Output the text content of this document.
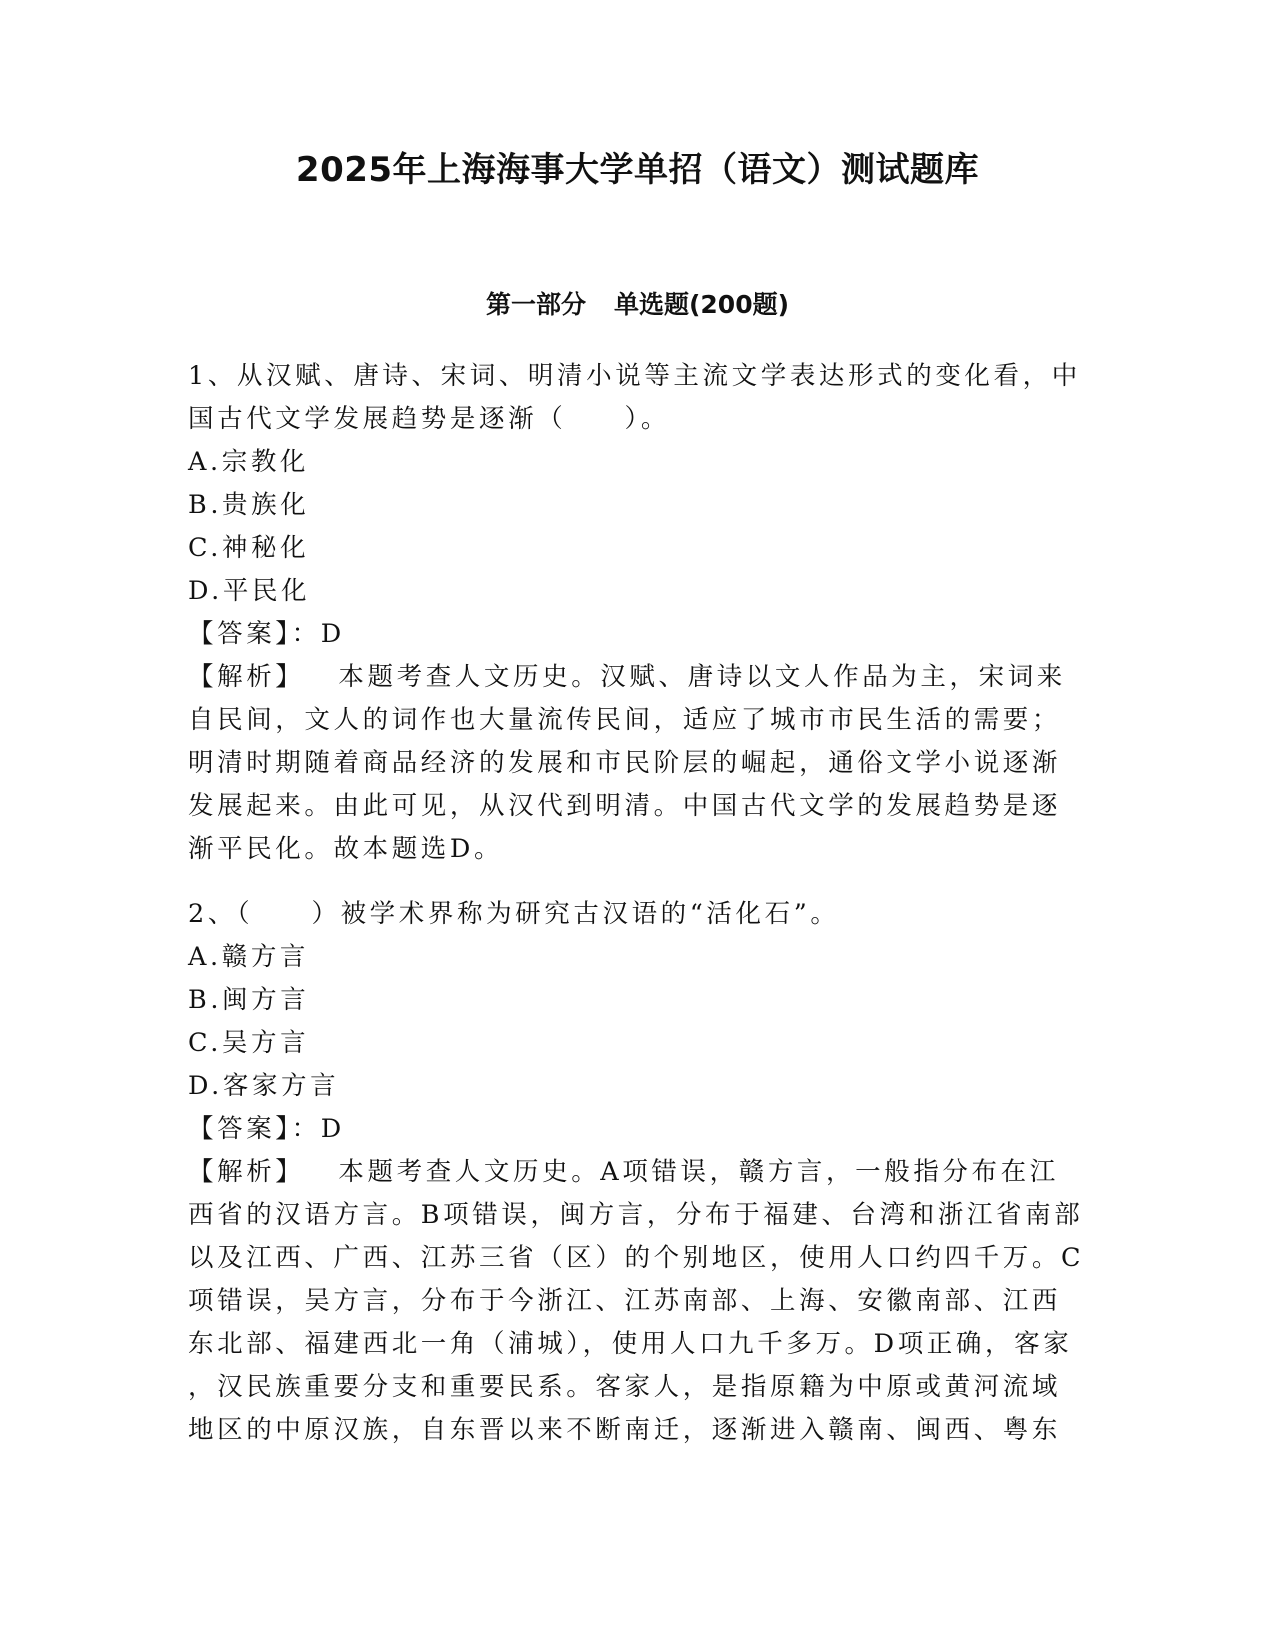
2025年上海海事大学单招（语文）测试题库
第一部分 单选题(200题)
1、从汉赋、唐诗、宋词、明清小说等主流文学表达形式的变化看，中
国古代文学发展趋势是逐渐（　　）。
A.宗教化
B.贵族化
C.神秘化
D.平民化
【答案】：D
【解析】 本题考查人文历史。汉赋、唐诗以文人作品为主，宋词来
自民间，文人的词作也大量流传民间，适应了城市市民生活的需要；
明清时期随着商品经济的发展和市民阶层的崛起，通俗文学小说逐渐
发展起来。由此可见，从汉代到明清。中国古代文学的发展趋势是逐
渐平民化。故本题选D。
2、（　　）被学术界称为研究古汉语的“活化石”。
A.赣方言
B.闽方言
C.吴方言
D.客家方言
【答案】：D
【解析】 本题考查人文历史。A项错误，赣方言，一般指分布在江
西省的汉语方言。B项错误，闽方言，分布于福建、台湾和浙江省南部
以及江西、广西、江苏三省（区）的个别地区，使用人口约四千万。C
项错误，吴方言，分布于今浙江、江苏南部、上海、安徽南部、江西
东北部、福建西北一角（浦城），使用人口九千多万。D项正确，客家
，汉民族重要分支和重要民系。客家人，是指原籍为中原或黄河流域
地区的中原汉族，自东晋以来不断南迁，逐渐进入赣南、闽西、粤东
